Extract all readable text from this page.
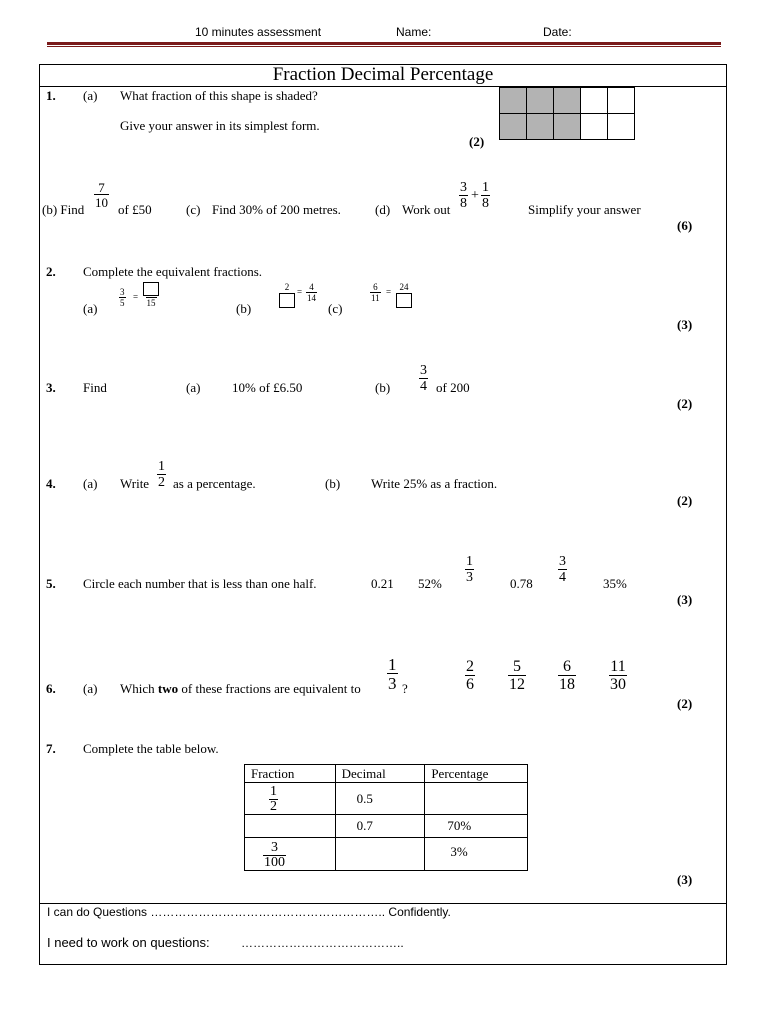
10 minutes assessment	Name:	Date:
Fraction Decimal Percentage
1. (a) What fraction of this shape is shaded?
Give your answer in its simplest form.
(2)
(b) Find
$\frac{7}{10}$
of £50	(c) Find 30% of 200 metres.	(d) Work out $\frac{3}{8} + \frac{1}{8}$	Simplify your answer
(6)
2. Complete the equivalent fractions.
(a)
$\frac{3}{5}$ =
15	(b)
$2 = \frac{4}{14}$
(c)
$\frac{6}{11} = 24$
(3)
3. Find	(a) 10% of £6.50	$(b) \frac{3}{4}$ of 200
(2)
4. (a) Write $\frac{1}{2}$ as a percentage.	(b) Write 25% as a fraction.
(2)
5. Circle each number that is less than one half.	0.21 $52\% \frac{1}{3}$	$0.78 \frac{3}{4}$	35%
(3)
6. (a) Which two of these fractions are equivalent to $\frac{1}{3}$ ?	$\frac{2}{6} \frac{5}{12} \frac{6}{18} \frac{11}{30}$
(2)
7. Complete the table below.
Fraction	Decimal	Percentage

$\frac{1}{2}$	0.5	
	0.7	70%

$\frac{3}{100}$		3%
(3)
I can do Questions ………………………………………………….. Confidently.
I need to work on questions:	…………………………………..
